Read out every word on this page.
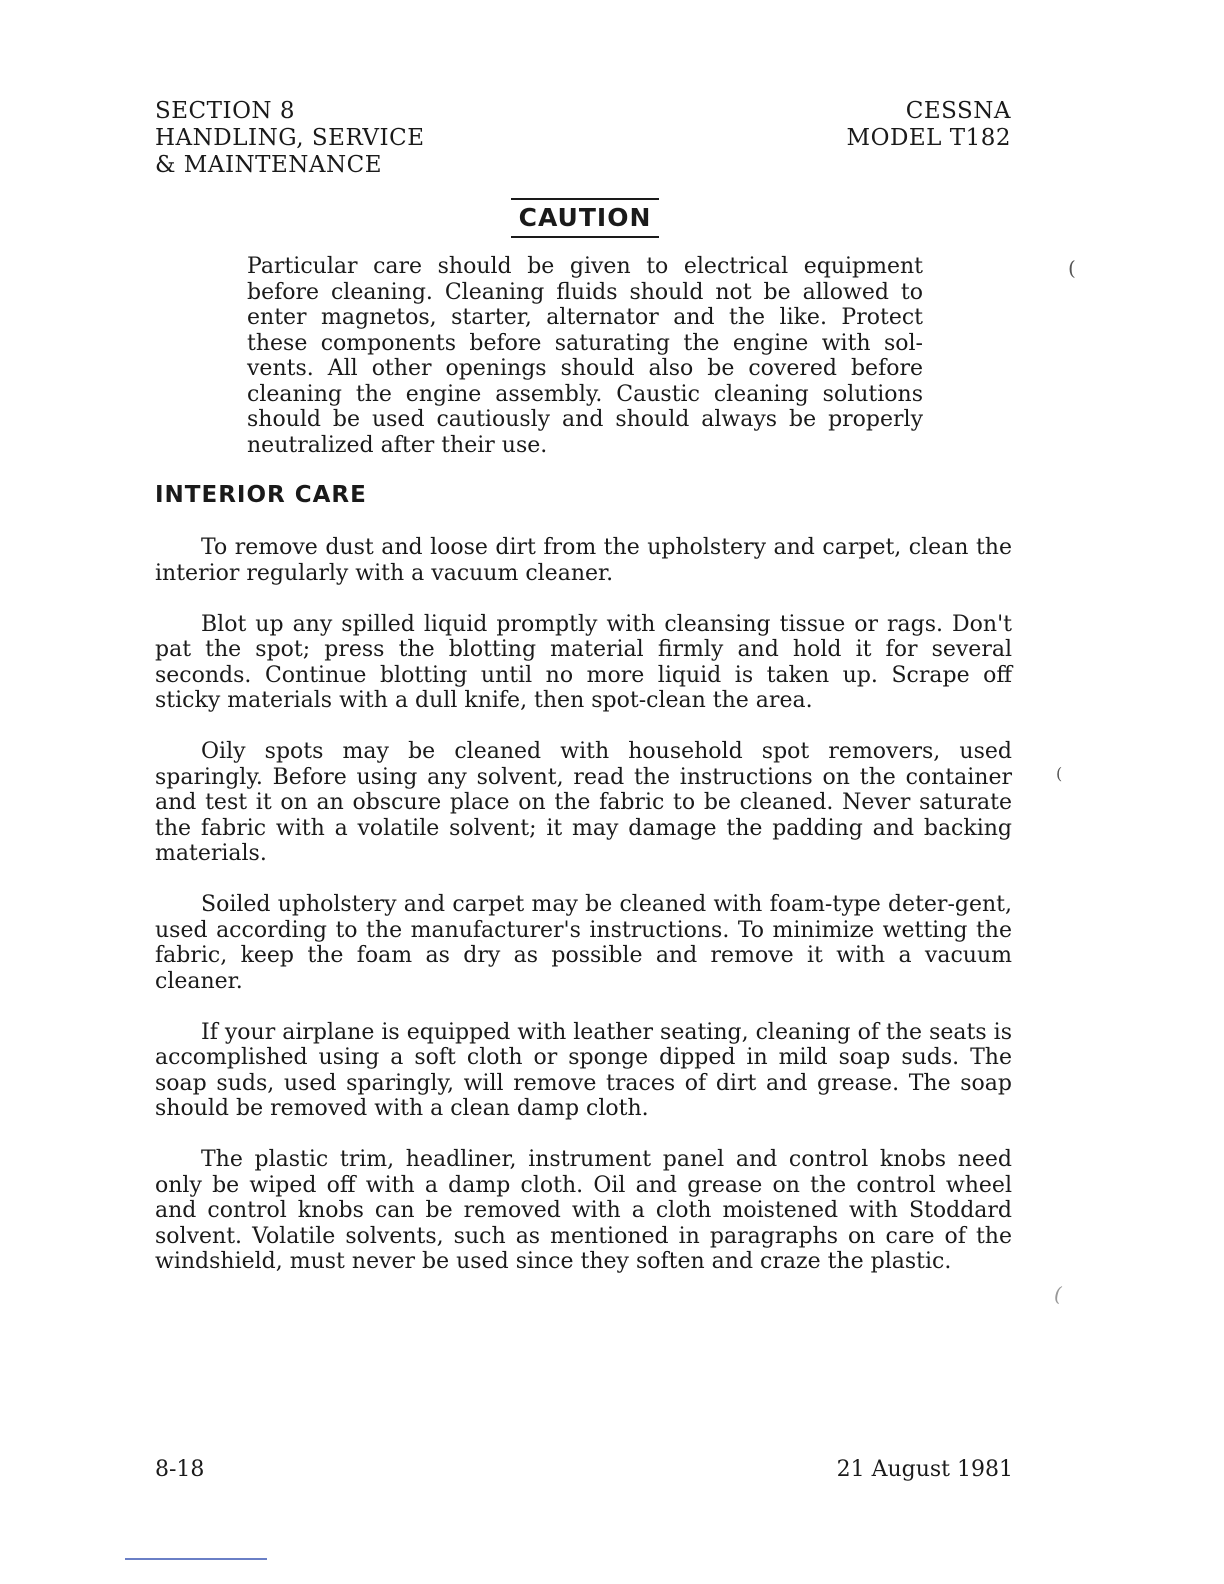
SECTION 8
HANDLING, SERVICE
& MAINTENANCE
CESSNA
MODEL T182
CAUTION
Particular care should be given to electrical equipment before cleaning. Cleaning fluids should not be allowed to enter magnetos, starter, alternator and the like. Protect these components before saturating the engine with sol-vents. All other openings should also be covered before cleaning the engine assembly. Caustic cleaning solutions should be used cautiously and should always be properly neutralized after their use.
INTERIOR CARE

To remove dust and loose dirt from the upholstery and carpet, clean the interior regularly with a vacuum cleaner.

Blot up any spilled liquid promptly with cleansing tissue or rags. Don't pat the spot; press the blotting material firmly and hold it for several seconds. Continue blotting until no more liquid is taken up. Scrape off sticky materials with a dull knife, then spot-clean the area.

Oily spots may be cleaned with household spot removers, used sparingly. Before using any solvent, read the instructions on the container and test it on an obscure place on the fabric to be cleaned. Never saturate the fabric with a volatile solvent; it may damage the padding and backing materials.

Soiled upholstery and carpet may be cleaned with foam-type deter-gent, used according to the manufacturer's instructions. To minimize wetting the fabric, keep the foam as dry as possible and remove it with a vacuum cleaner.

If your airplane is equipped with leather seating, cleaning of the seats is accomplished using a soft cloth or sponge dipped in mild soap suds. The soap suds, used sparingly, will remove traces of dirt and grease. The soap should be removed with a clean damp cloth.

The plastic trim, headliner, instrument panel and control knobs need only be wiped off with a damp cloth. Oil and grease on the control wheel and control knobs can be removed with a cloth moistened with Stoddard solvent. Volatile solvents, such as mentioned in paragraphs on care of the windshield, must never be used since they soften and craze the plastic.

(
(
(
8-18	21 August 1981
